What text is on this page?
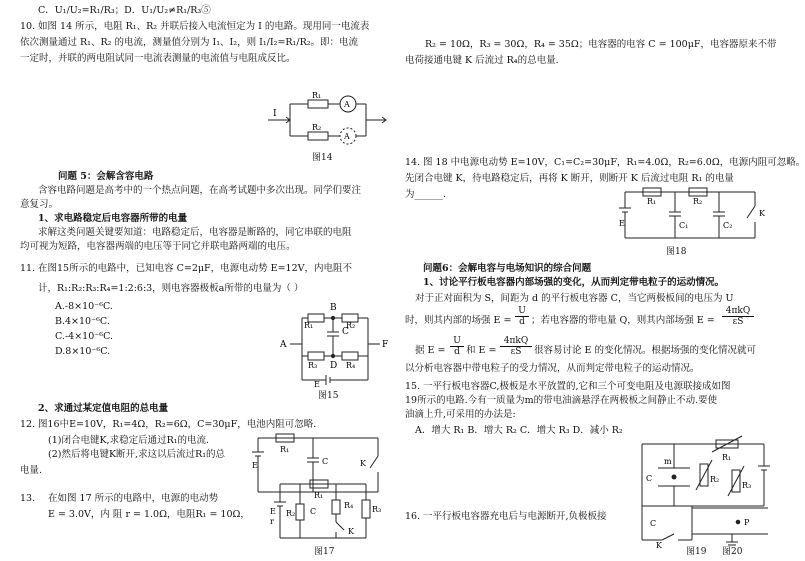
C．U₁/U₂=R₁/R₃；D．U₁/U₂≠R₁/R₃⑤
10. 如图 14 所示，电阻 R₁、R₂ 并联后接入电流恒定为 I 的电路。现用同一电流表
依次测量通过 R₁、R₂ 的电流，测量值分别为 I₁、I₂，则 I₁/I₂=R₁/R₂。即：电流
一定时，并联的两电阻试同一电流表测量的电流值与电阻成反比。
I
R₁
R₂
A
A
图14
问题 5：会解含容电路
含容电路问题是高考中的一个热点问题，在高考试题中多次出现。同学们要注
意复习。
1、求电路稳定后电容器所带的电量
求解这类问题关键要知道：电路稳定后，电容器是断路的，同它串联的电阻
均可视为短路，电容器两端的电压等于同它并联电路两端的电压。
11. 在图15所示的电路中，已知电容 C=2μF，电源电动势 E=12V，内电阻不
计，R₁:R₂:R₃:R₄=1:2:6:3，则电容器极板a所带的电量为（ ）
A.-8×10⁻⁶C.
B.4×10⁻⁶C.
C.-4×10⁻⁶C.
D.8×10⁻⁶C.
A
B
C
D
F
E
R₁	R₂
R₃	R₄
图15
2、求通过某定值电阻的总电量
12. 图16中E=10V，R₁=4Ω，R₂=6Ω，C=30μF，电池内阻可忽略.
(1)闭合电键K,求稳定后通过R₁的电流.
(2)然后将电键K断开,求这以后流过R₁的总
电量.	E
R₁
C	K
13. 在如图 17 所示的电路中，电源的电动势
E = 3.0V，内 阻 r = 1.0Ω，电阻R₁ = 10Ω，	E
r
R₁
R₂
R₄ R₃
C
K
图17
R₂ = 10Ω，R₃ = 30Ω，R₄ = 35Ω；电容器的电容 C = 100μF，电容器原来不带
电荷接通电键 K 后流过 R₄的总电量.
14. 图 18 中电源电动势 E=10V，C₁=C₂=30μF，R₁=4.0Ω，R₂=6.0Ω，电源内阻可忽略。
先闭合电键 K，待电路稳定后，再将 K 断开，则断开 K 后流过电阻 R₁ 的电量
为______.
E
R₁	R₂
C₁	C₂
K
图18
问题6：会解电容与电场知识的综合问题
1、讨论平行板电容器内部场强的变化，从而判定带电粒子的运动情况。
对于正对面积为 S，间距为 d 的平行板电容器 C，当它两极板间的电压为 U
时，则其内部的场强 $E = \frac{U}{d}$ ；若电容器的带电量 Q，则其内部场强 E =
4πkQ
εS
据 $E = \frac{U}{d}$ 和 E =
4πkQ
εS	很容易讨论 E 的变化情况。根据场强的变化情况就可
以分析电容器中带电粒子的受力情况，从而判定带电粒子的运动情况。
15. 一平行板电容器C,极板是水平放置的,它和三个可变电阻及电源联接成如图
19所示的电路.今有一质量为m的带电油滴悬浮在两极板之间静止不动.要使
油滴上升,可采用的办法是:
A．增大 R₁ B．增大 R₂ C．增大 R₃ D．减小 R₂
m
C
R₁
R₂
R₃
图19
16. 一平行板电容器充电后与电源断开,负极板接
C	P
K
图20
